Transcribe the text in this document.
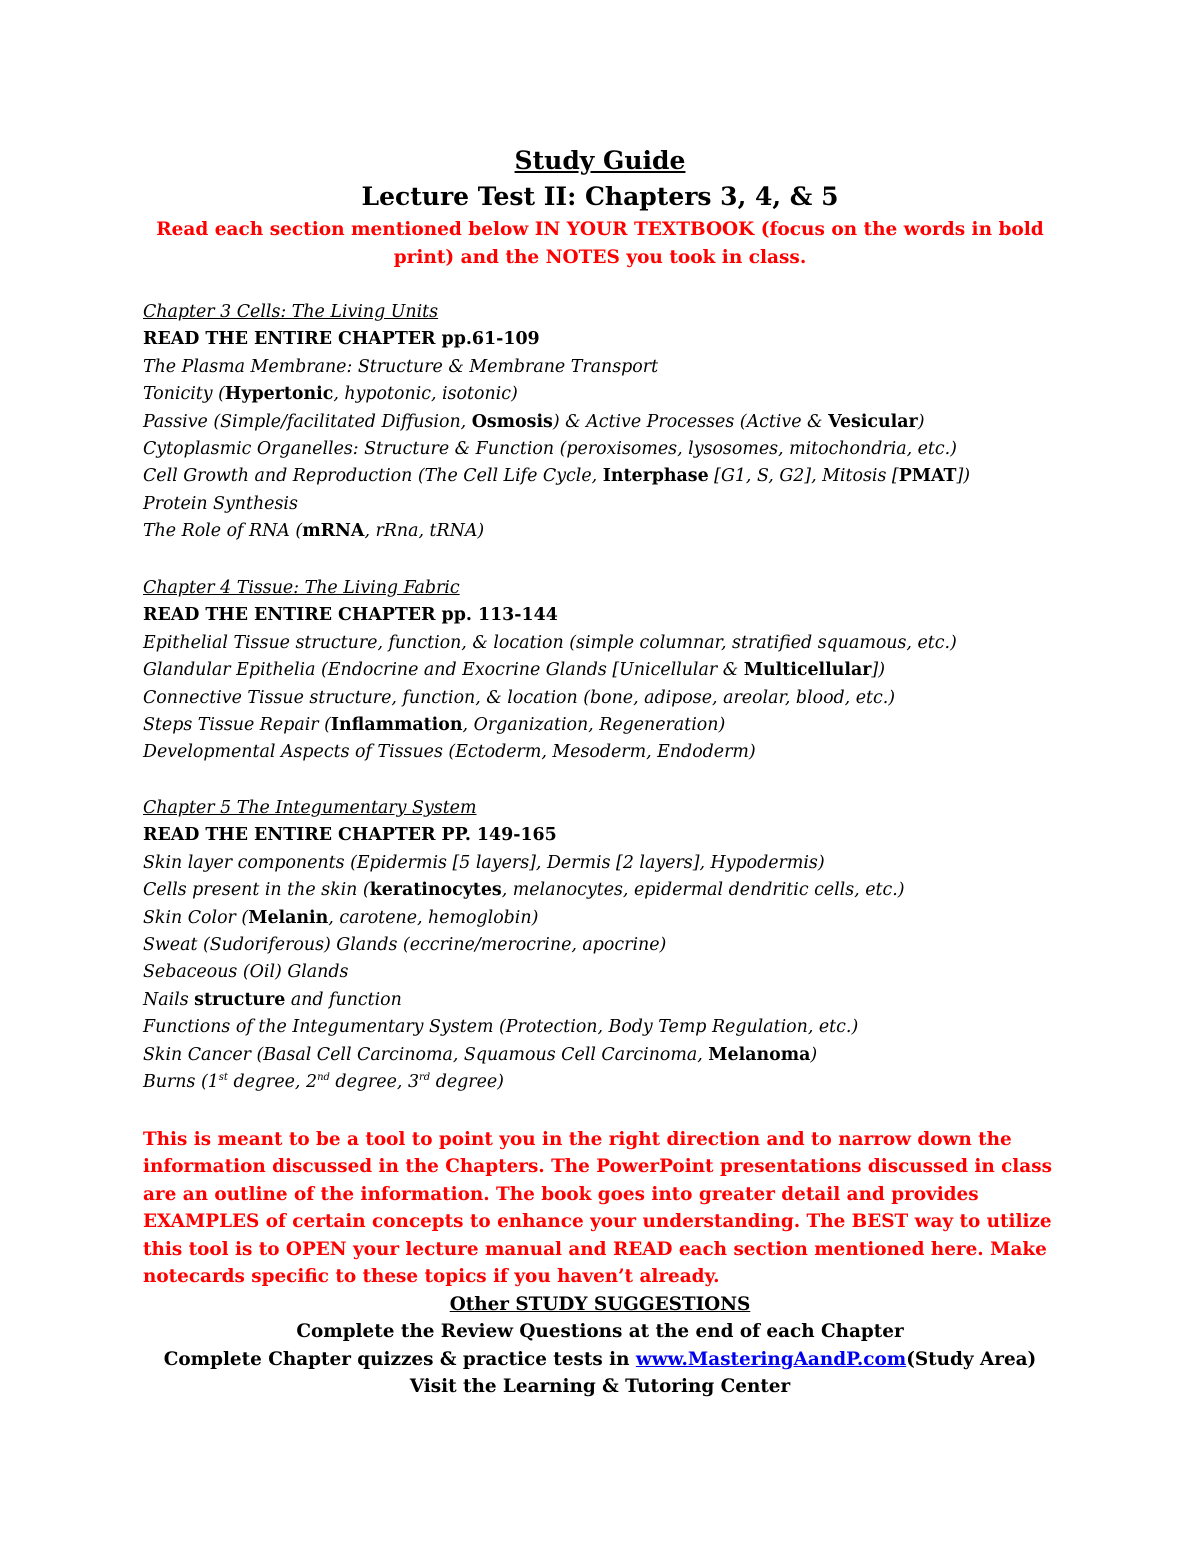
Study Guide
Lecture Test II: Chapters 3, 4, & 5
Read each section mentioned below IN YOUR TEXTBOOK (focus on the words in bold print) and the NOTES you took in class.
Chapter 3 Cells: The Living Units
READ THE ENTIRE CHAPTER pp.61-109
The Plasma Membrane: Structure & Membrane Transport
Tonicity (Hypertonic, hypotonic, isotonic)
Passive (Simple/facilitated Diffusion, Osmosis) & Active Processes (Active & Vesicular)
Cytoplasmic Organelles: Structure & Function (peroxisomes, lysosomes, mitochondria, etc.)
Cell Growth and Reproduction (The Cell Life Cycle, Interphase [G1, S, G2], Mitosis [PMAT])
Protein Synthesis
The Role of RNA (mRNA, rRna, tRNA)
Chapter 4 Tissue: The Living Fabric
READ THE ENTIRE CHAPTER pp. 113-144
Epithelial Tissue structure, function, & location (simple columnar, stratified squamous, etc.)
Glandular Epithelia (Endocrine and Exocrine Glands [Unicellular & Multicellular])
Connective Tissue structure, function, & location (bone, adipose, areolar, blood, etc.)
Steps Tissue Repair (Inflammation, Organization, Regeneration)
Developmental Aspects of Tissues (Ectoderm, Mesoderm, Endoderm)
Chapter 5 The Integumentary System
READ THE ENTIRE CHAPTER PP. 149-165
Skin layer components (Epidermis [5 layers], Dermis [2 layers], Hypodermis)
Cells present in the skin (keratinocytes, melanocytes, epidermal dendritic cells, etc.)
Skin Color (Melanin, carotene, hemoglobin)
Sweat (Sudoriferous) Glands (eccrine/merocrine, apocrine)
Sebaceous (Oil) Glands
Nails structure and function
Functions of the Integumentary System (Protection, Body Temp Regulation, etc.)
Skin Cancer (Basal Cell Carcinoma, Squamous Cell Carcinoma, Melanoma)
Burns (1st degree, 2nd degree, 3rd degree)
This is meant to be a tool to point you in the right direction and to narrow down the information discussed in the Chapters. The PowerPoint presentations discussed in class are an outline of the information. The book goes into greater detail and provides EXAMPLES of certain concepts to enhance your understanding. The BEST way to utilize this tool is to OPEN your lecture manual and READ each section mentioned here. Make notecards specific to these topics if you haven’t already.
Other STUDY SUGGESTIONS
Complete the Review Questions at the end of each Chapter
Complete Chapter quizzes & practice tests in www.MasteringAandP.com(Study Area)
Visit the Learning & Tutoring Center
